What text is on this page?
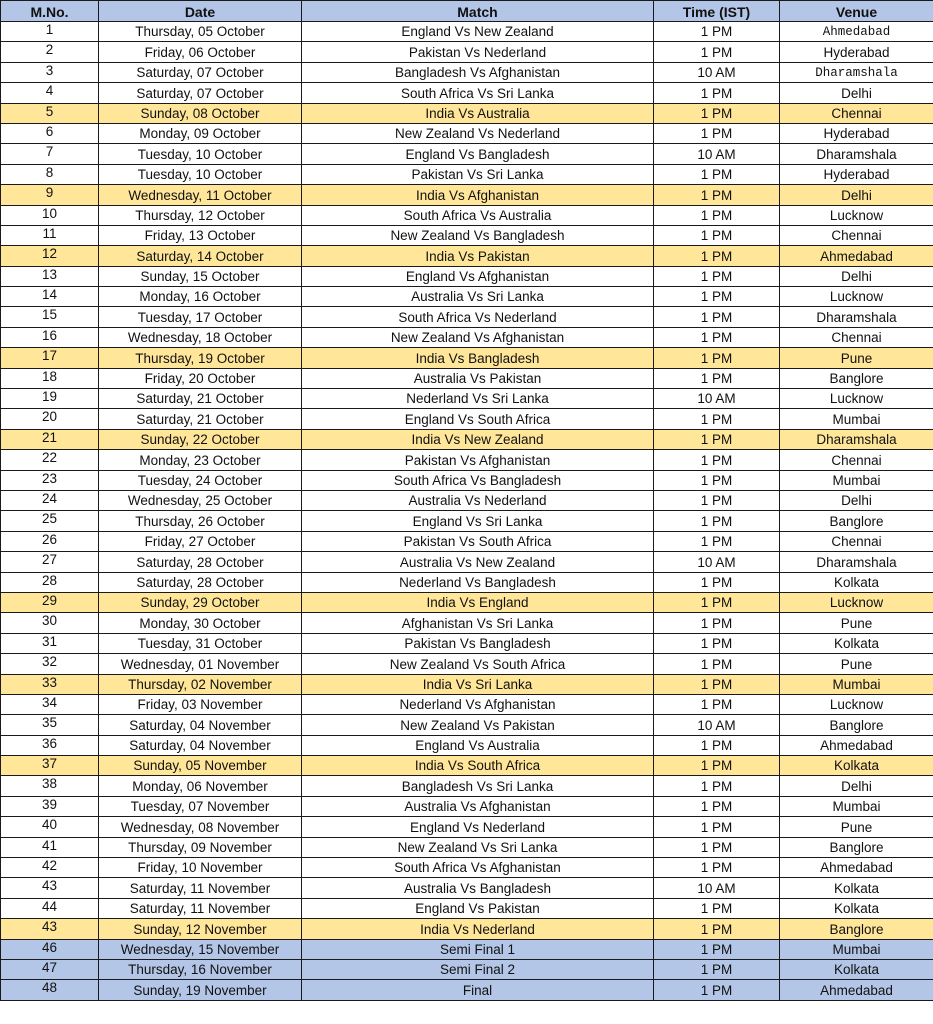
M.No.	Date	Match	Time (IST)	Venue
1	Thursday, 05 October	England Vs New Zealand	1 PM	Ahmedabad
2	Friday, 06 October	Pakistan Vs Nederland	1 PM	Hyderabad
3	Saturday, 07 October	Bangladesh Vs Afghanistan	10 AM	Dharamshala
4	Saturday, 07 October	South Africa Vs Sri Lanka	1 PM	Delhi
5	Sunday, 08 October	India Vs Australia	1 PM	Chennai
6	Monday, 09 October	New Zealand Vs Nederland	1 PM	Hyderabad
7	Tuesday, 10 October	England Vs Bangladesh	10 AM	Dharamshala
8	Tuesday, 10 October	Pakistan Vs Sri Lanka	1 PM	Hyderabad
9	Wednesday, 11 October	India Vs Afghanistan	1 PM	Delhi
10	Thursday, 12 October	South Africa Vs Australia	1 PM	Lucknow
11	Friday, 13 October	New Zealand Vs Bangladesh	1 PM	Chennai
12	Saturday, 14 October	India Vs Pakistan	1 PM	Ahmedabad
13	Sunday, 15 October	England Vs Afghanistan	1 PM	Delhi
14	Monday, 16 October	Australia Vs Sri Lanka	1 PM	Lucknow
15	Tuesday, 17 October	South Africa Vs Nederland	1 PM	Dharamshala
16	Wednesday, 18 October	New Zealand Vs Afghanistan	1 PM	Chennai
17	Thursday, 19 October	India Vs Bangladesh	1 PM	Pune
18	Friday, 20 October	Australia Vs Pakistan	1 PM	Banglore
19	Saturday, 21 October	Nederland Vs Sri Lanka	10 AM	Lucknow
20	Saturday, 21 October	England Vs South Africa	1 PM	Mumbai
21	Sunday, 22 October	India Vs New Zealand	1 PM	Dharamshala
22	Monday, 23 October	Pakistan Vs Afghanistan	1 PM	Chennai
23	Tuesday, 24 October	South Africa Vs Bangladesh	1 PM	Mumbai
24	Wednesday, 25 October	Australia Vs Nederland	1 PM	Delhi
25	Thursday, 26 October	England Vs Sri Lanka	1 PM	Banglore
26	Friday, 27 October	Pakistan Vs South Africa	1 PM	Chennai
27	Saturday, 28 October	Australia Vs New Zealand	10 AM	Dharamshala
28	Saturday, 28 October	Nederland Vs Bangladesh	1 PM	Kolkata
29	Sunday, 29 October	India Vs England	1 PM	Lucknow
30	Monday, 30 October	Afghanistan Vs Sri Lanka	1 PM	Pune
31	Tuesday, 31 October	Pakistan Vs Bangladesh	1 PM	Kolkata
32	Wednesday, 01 November	New Zealand Vs South Africa	1 PM	Pune
33	Thursday, 02 November	India Vs Sri Lanka	1 PM	Mumbai
34	Friday, 03 November	Nederland Vs Afghanistan	1 PM	Lucknow
35	Saturday, 04 November	New Zealand Vs Pakistan	10 AM	Banglore
36	Saturday, 04 November	England Vs Australia	1 PM	Ahmedabad
37	Sunday, 05 November	India Vs South Africa	1 PM	Kolkata
38	Monday, 06 November	Bangladesh Vs Sri Lanka	1 PM	Delhi
39	Tuesday, 07 November	Australia Vs Afghanistan	1 PM	Mumbai
40	Wednesday, 08 November	England Vs Nederland	1 PM	Pune
41	Thursday, 09 November	New Zealand Vs Sri Lanka	1 PM	Banglore
42	Friday, 10 November	South Africa Vs Afghanistan	1 PM	Ahmedabad
43	Saturday, 11 November	Australia Vs Bangladesh	10 AM	Kolkata
44	Saturday, 11 November	England Vs Pakistan	1 PM	Kolkata
43	Sunday, 12 November	India Vs Nederland	1 PM	Banglore
46	Wednesday, 15 November	Semi Final 1	1 PM	Mumbai
47	Thursday, 16 November	Semi Final 2	1 PM	Kolkata
48	Sunday, 19 November	Final	1 PM	Ahmedabad
